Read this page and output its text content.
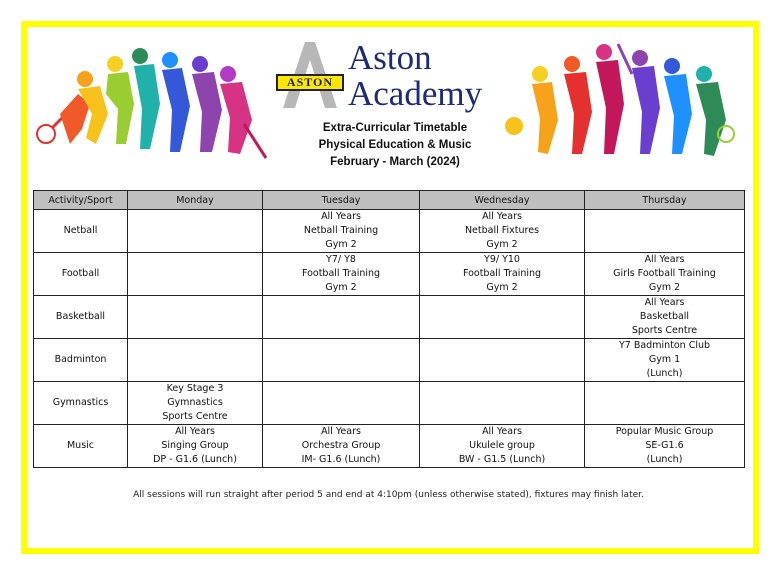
ASTON
Aston
Academy
Extra-Curricular Timetable
Physical Education & Music
February - March (2024)
Activity/Sport	Monday	Tuesday	Wednesday	Thursday
Netball		All Years
Netball Training
Gym 2	All Years
Netball Fixtures
Gym 2	

Football		Y7/ Y8
Football Training
Gym 2	Y9/ Y10
Football Training
Gym 2	All Years
Girls Football Training
Gym 2

Basketball				All Years
Basketball
Sports Centre

Badminton				Y7 Badminton Club
Gym 1
(Lunch)

Gymnastics	Key Stage 3
Gymnastics
Sports Centre			

Music	All Years
Singing Group
DP - G1.6 (Lunch)	All Years
Orchestra Group
IM- G1.6 (Lunch)	All Years
Ukulele group
BW - G1.5 (Lunch)	Popular Music Group
SE-G1.6
(Lunch)
All sessions will run straight after period 5 and end at 4:10pm (unless otherwise stated), fixtures may finish later.
